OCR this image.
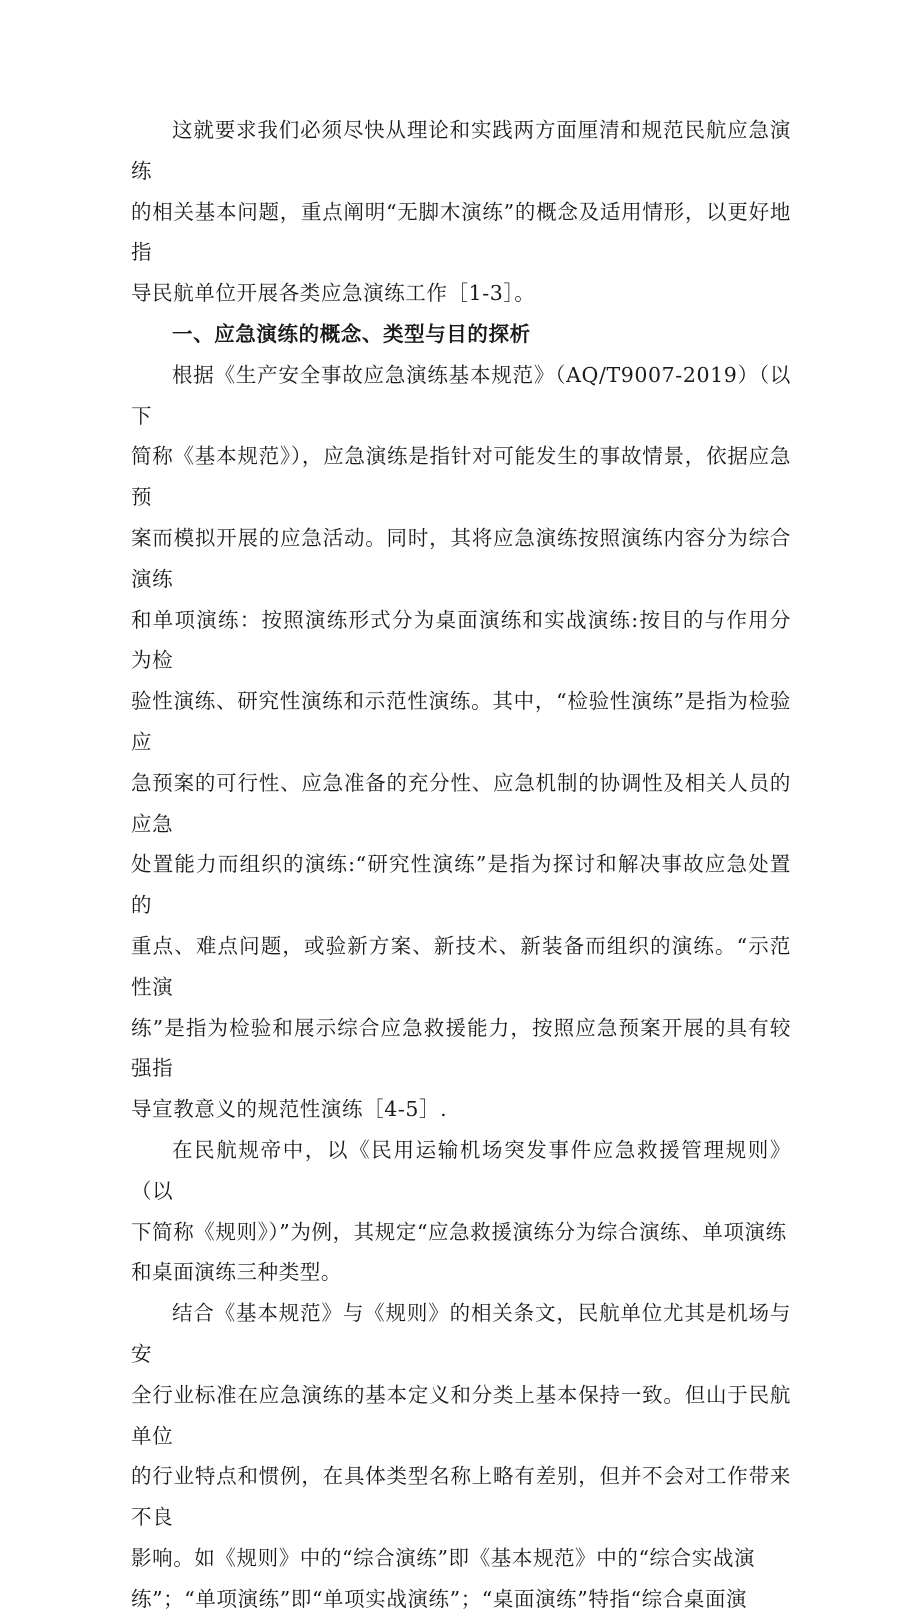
这就要求我们必须尽快从理论和实践两方面厘清和规范民航应急演练
的相关基本问题，重点阐明“无脚木演练”的概念及适用情形，以更好地指
导民航单位开展各类应急演练工作［1-3］。

一、应急演练的概念、类型与目的探析

根据《生产安全事故应急演练基本规范》（AQ/T9007-2019）（以下
简称《基本规范》），应急演练是指针对可能发生的事故情景，依据应急预
案而模拟开展的应急活动。同时，其将应急演练按照演练内容分为综合演练
和单项演练：按照演练形式分为桌面演练和实战演练:按目的与作用分为检
验性演练、研究性演练和示范性演练。其中，“检验性演练”是指为检验应
急预案的可行性、应急准备的充分性、应急机制的协调性及相关人员的应急
处置能力而组织的演练:“研究性演练”是指为探讨和解决事故应急处置的
重点、难点问题，或验新方案、新技术、新装备而组织的演练。“示范性演
练”是指为检验和展示综合应急救援能力，按照应急预案开展的具有较强指
导宣教意义的规范性演练［4-5］.

在民航规帝中，以《民用运输机场突发事件应急救援管理规则》（以
下简称《规则》）”为例，其规定“应急救援演练分为综合演练、单项演练
和桌面演练三种类型。

结合《基本规范》与《规则》的相关条文，民航单位尤其是机场与安
全行业标准在应急演练的基本定义和分类上基本保持一致。但山于民航单位
的行业特点和惯例，在具体类型名称上略有差别，但并不会对工作带来不良
影响。如《规则》中的“综合演练”即《基本规范》中的“综合实战演
练”；“单项演练”即“单项实战演练”；“桌面演练”特指“综合桌面演
